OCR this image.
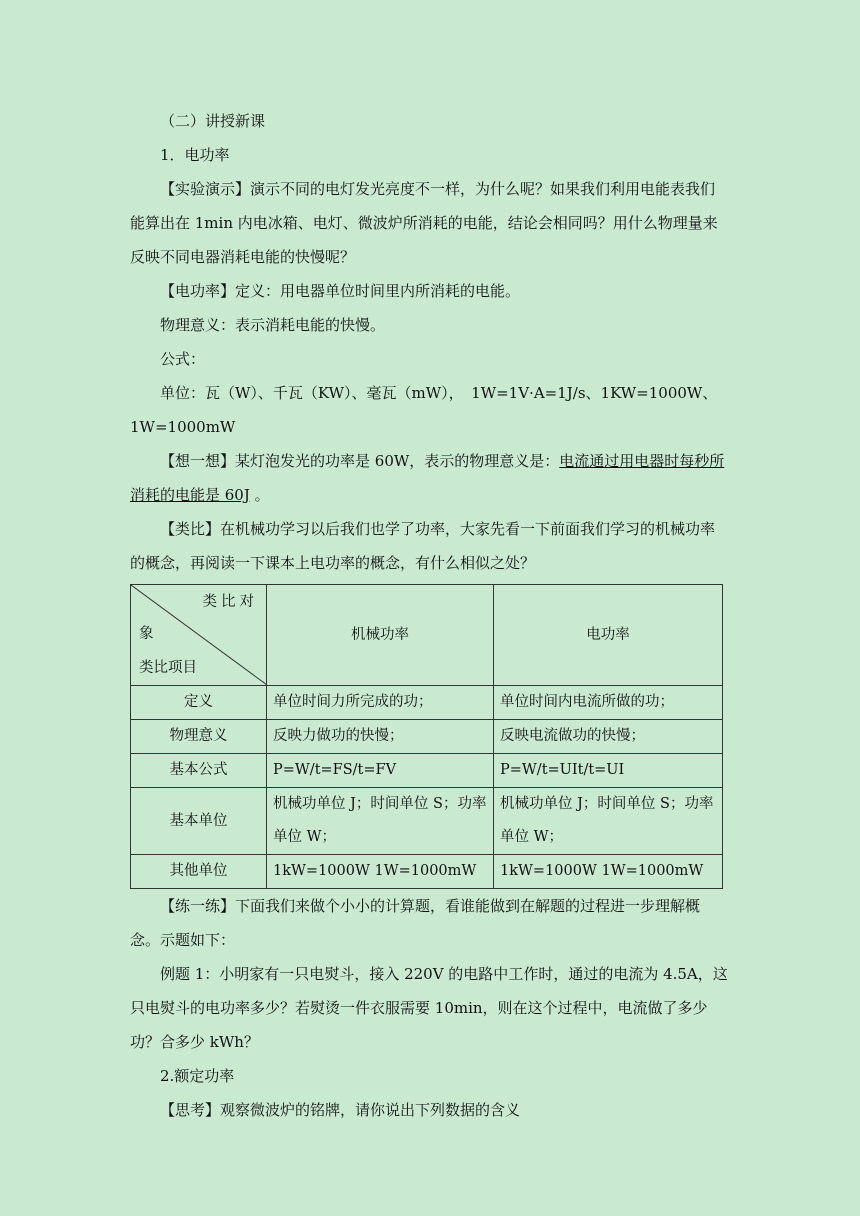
（二）讲授新课

1．电功率

【实验演示】演示不同的电灯发光亮度不一样，为什么呢？如果我们利用电能表我们能算出在 1min 内电冰箱、电灯、微波炉所消耗的电能，结论会相同吗？用什么物理量来反映不同电器消耗电能的快慢呢？

【电功率】定义：用电器单位时间里内所消耗的电能。

物理意义：表示消耗电能的快慢。

公式：

单位：瓦（W）、千瓦（KW）、毫瓦（mW），　1W=1V·A=1J/s、1KW=1000W、1W=1000mW

【想一想】某灯泡发光的功率是 60W，表示的物理意义是：电流通过用电器时每秒所消耗的电能是 60J 。

【类比】在机械功学习以后我们也学了功率，大家先看一下前面我们学习的机械功率的概念，再阅读一下课本上电功率的概念，有什么相似之处？

类比对
象
类比项目	机械功率	电功率
定义	单位时间力所完成的功；	单位时间内电流所做的功；
物理意义	反映力做功的快慢；	反映电流做功的快慢；
基本公式	P=W/t=FS/t=FV	P=W/t=UIt/t=UI
基本单位	机械功单位 J；时间单位 S；功率单位 W；	机械功单位 J；时间单位 S；功率单位 W；
其他单位	1kW=1000W 1W=1000mW	1kW=1000W 1W=1000mW

【练一练】下面我们来做个小小的计算题，看谁能做到在解题的过程进一步理解概念。示题如下：

例题 1：小明家有一只电熨斗，接入 220V 的电路中工作时，通过的电流为 4.5A，这只电熨斗的电功率多少？若熨烫一件衣服需要 10min，则在这个过程中，电流做了多少功？合多少 kWh？

2.额定功率

【思考】观察微波炉的铭牌，请你说出下列数据的含义
